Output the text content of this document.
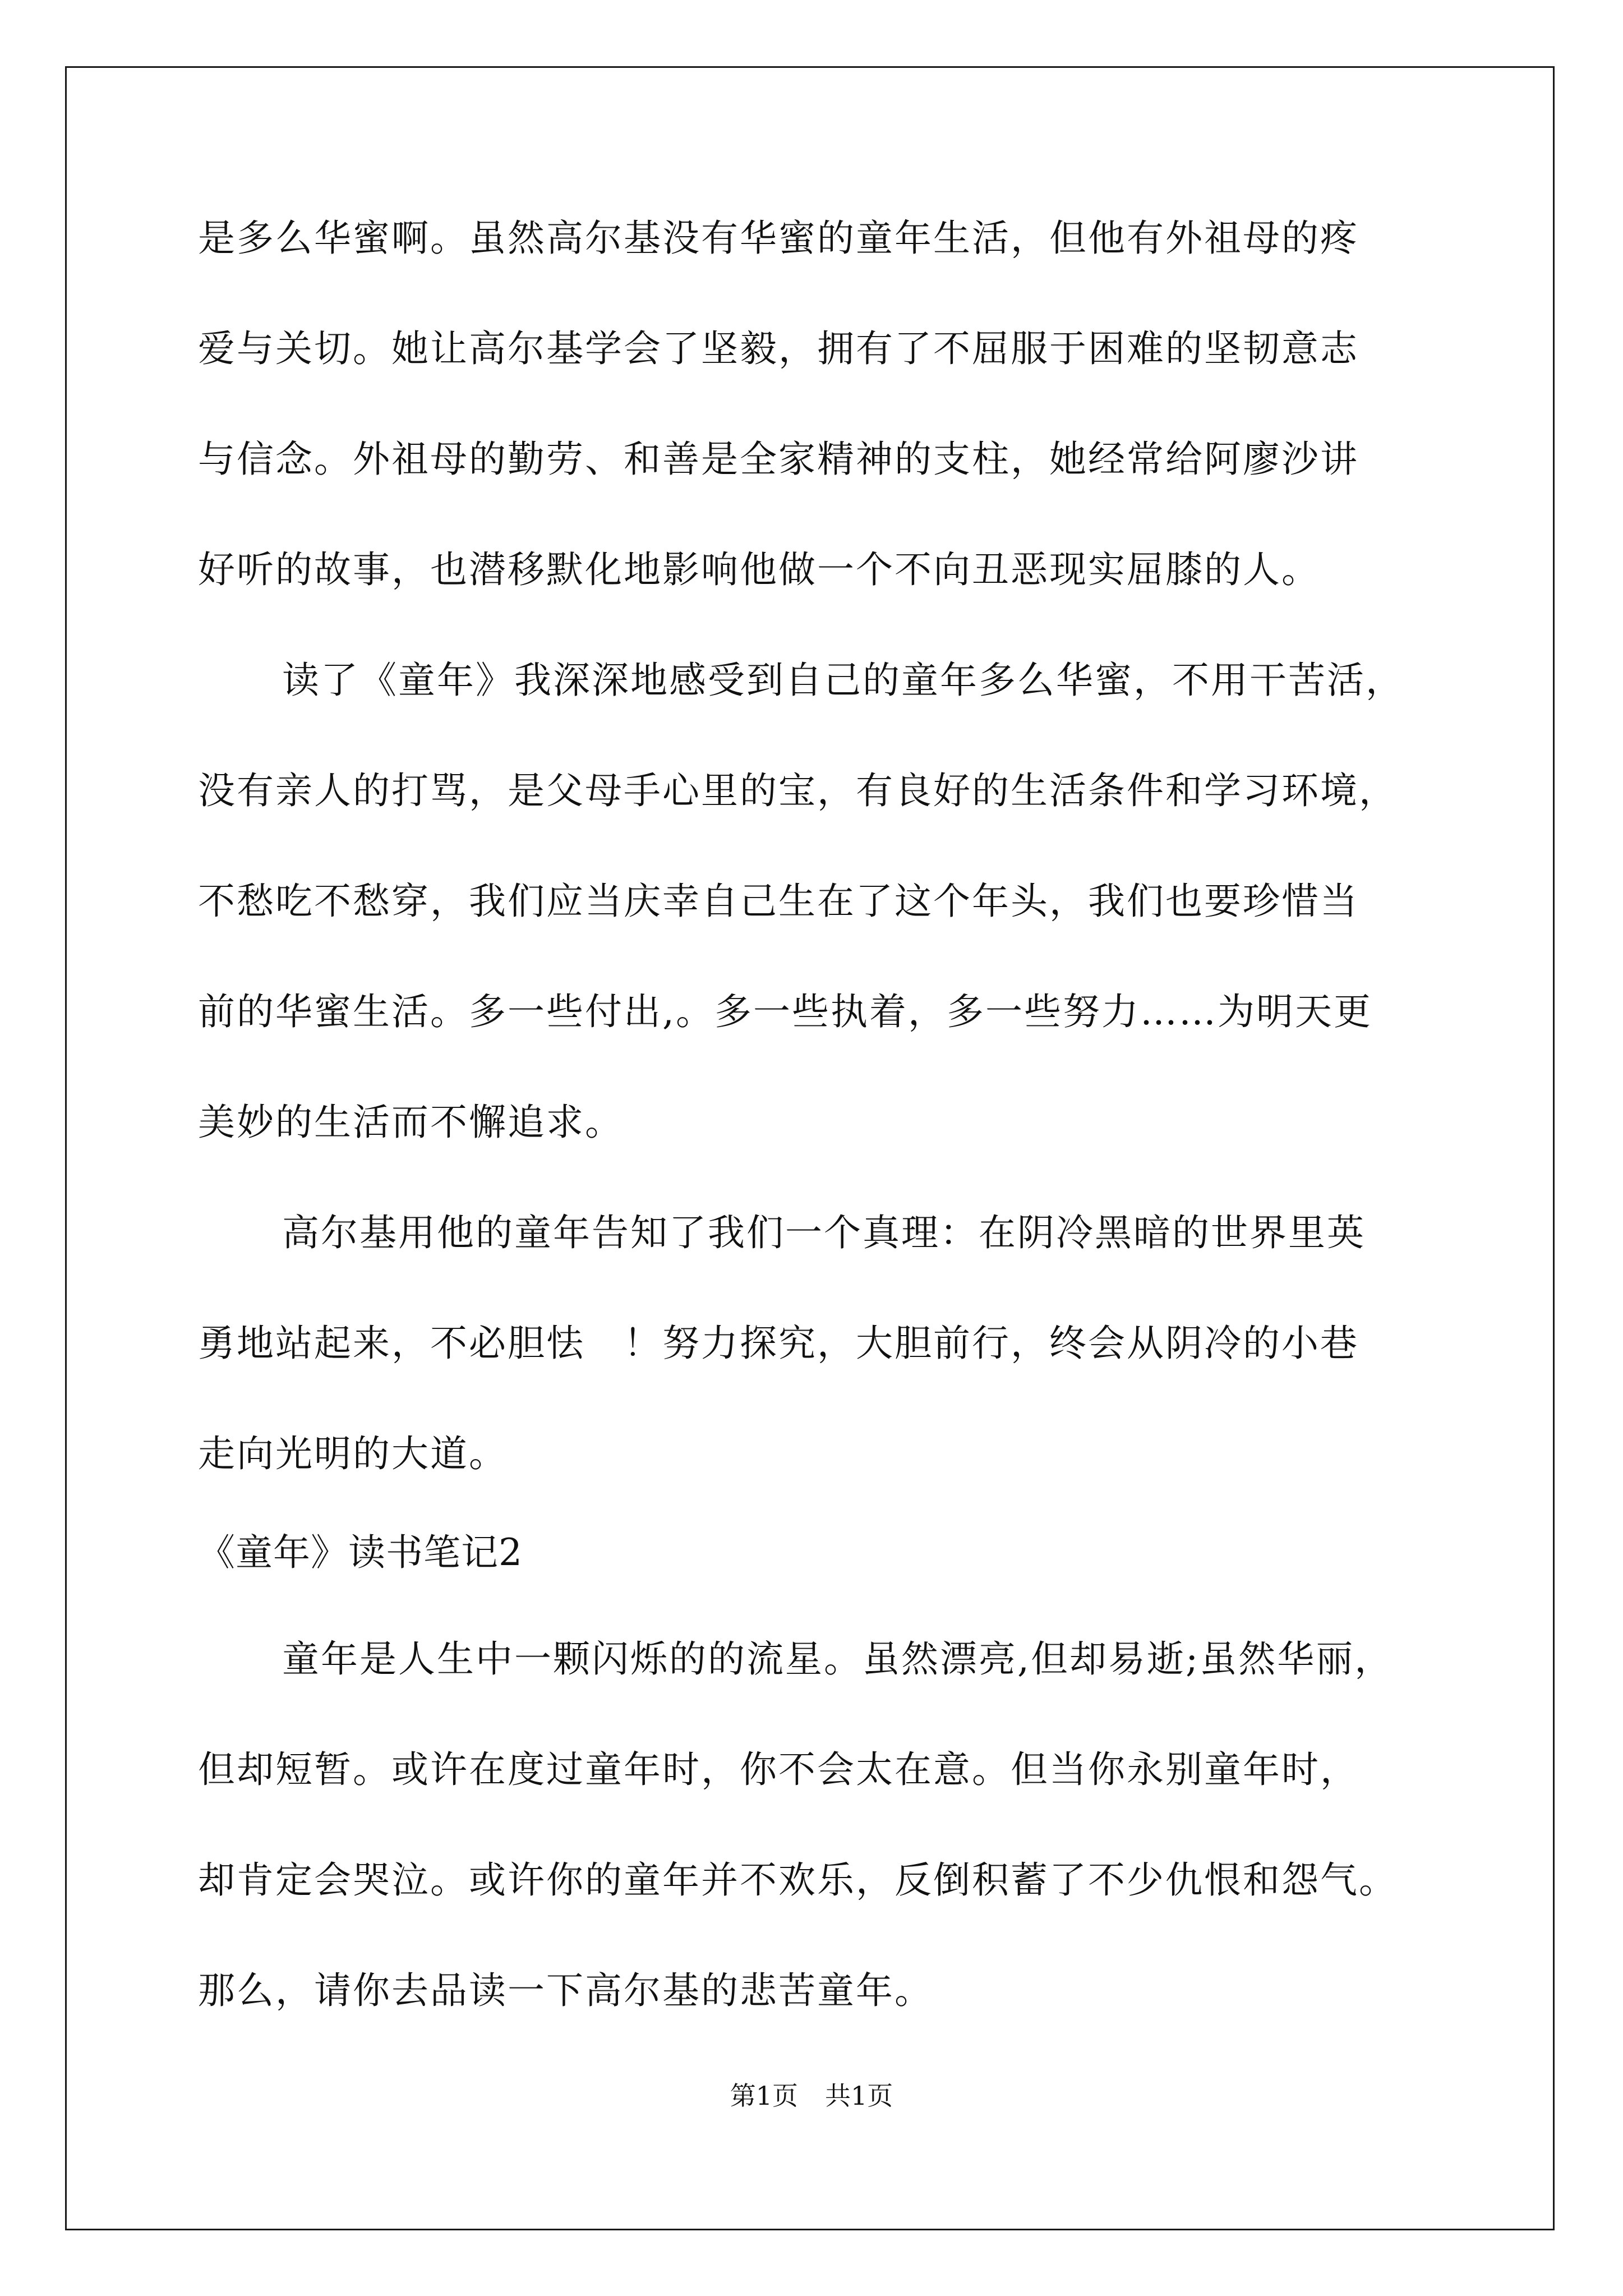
是多么华蜜啊。虽然高尔基没有华蜜的童年生活，但他有外祖母的疼
爱与关切。她让高尔基学会了坚毅，拥有了不屈服于困难的坚韧意志
与信念。外祖母的勤劳、和善是全家精神的支柱，她经常给阿廖沙讲
好听的故事，也潜移默化地影响他做一个不向丑恶现实屈膝的人。
读了《童年》我深深地感受到自己的童年多么华蜜，不用干苦活，
没有亲人的打骂，是父母手心里的宝，有良好的生活条件和学习环境，
不愁吃不愁穿，我们应当庆幸自己生在了这个年头，我们也要珍惜当
前的华蜜生活。多一些付出,。多一些执着，多一些努力……为明天更
美妙的生活而不懈追求。
高尔基用他的童年告知了我们一个真理：在阴冷黑暗的世界里英
勇地站起来，不必胆怯　！努力探究，大胆前行，终会从阴冷的小巷
走向光明的大道。
《童年》读书笔记2
童年是人生中一颗闪烁的的流星。虽然漂亮,但却易逝;虽然华丽，
但却短暂。或许在度过童年时，你不会太在意。但当你永别童年时，
却肯定会哭泣。或许你的童年并不欢乐，反倒积蓄了不少仇恨和怨气。
那么，请你去品读一下高尔基的悲苦童年。
第1页 共1页
